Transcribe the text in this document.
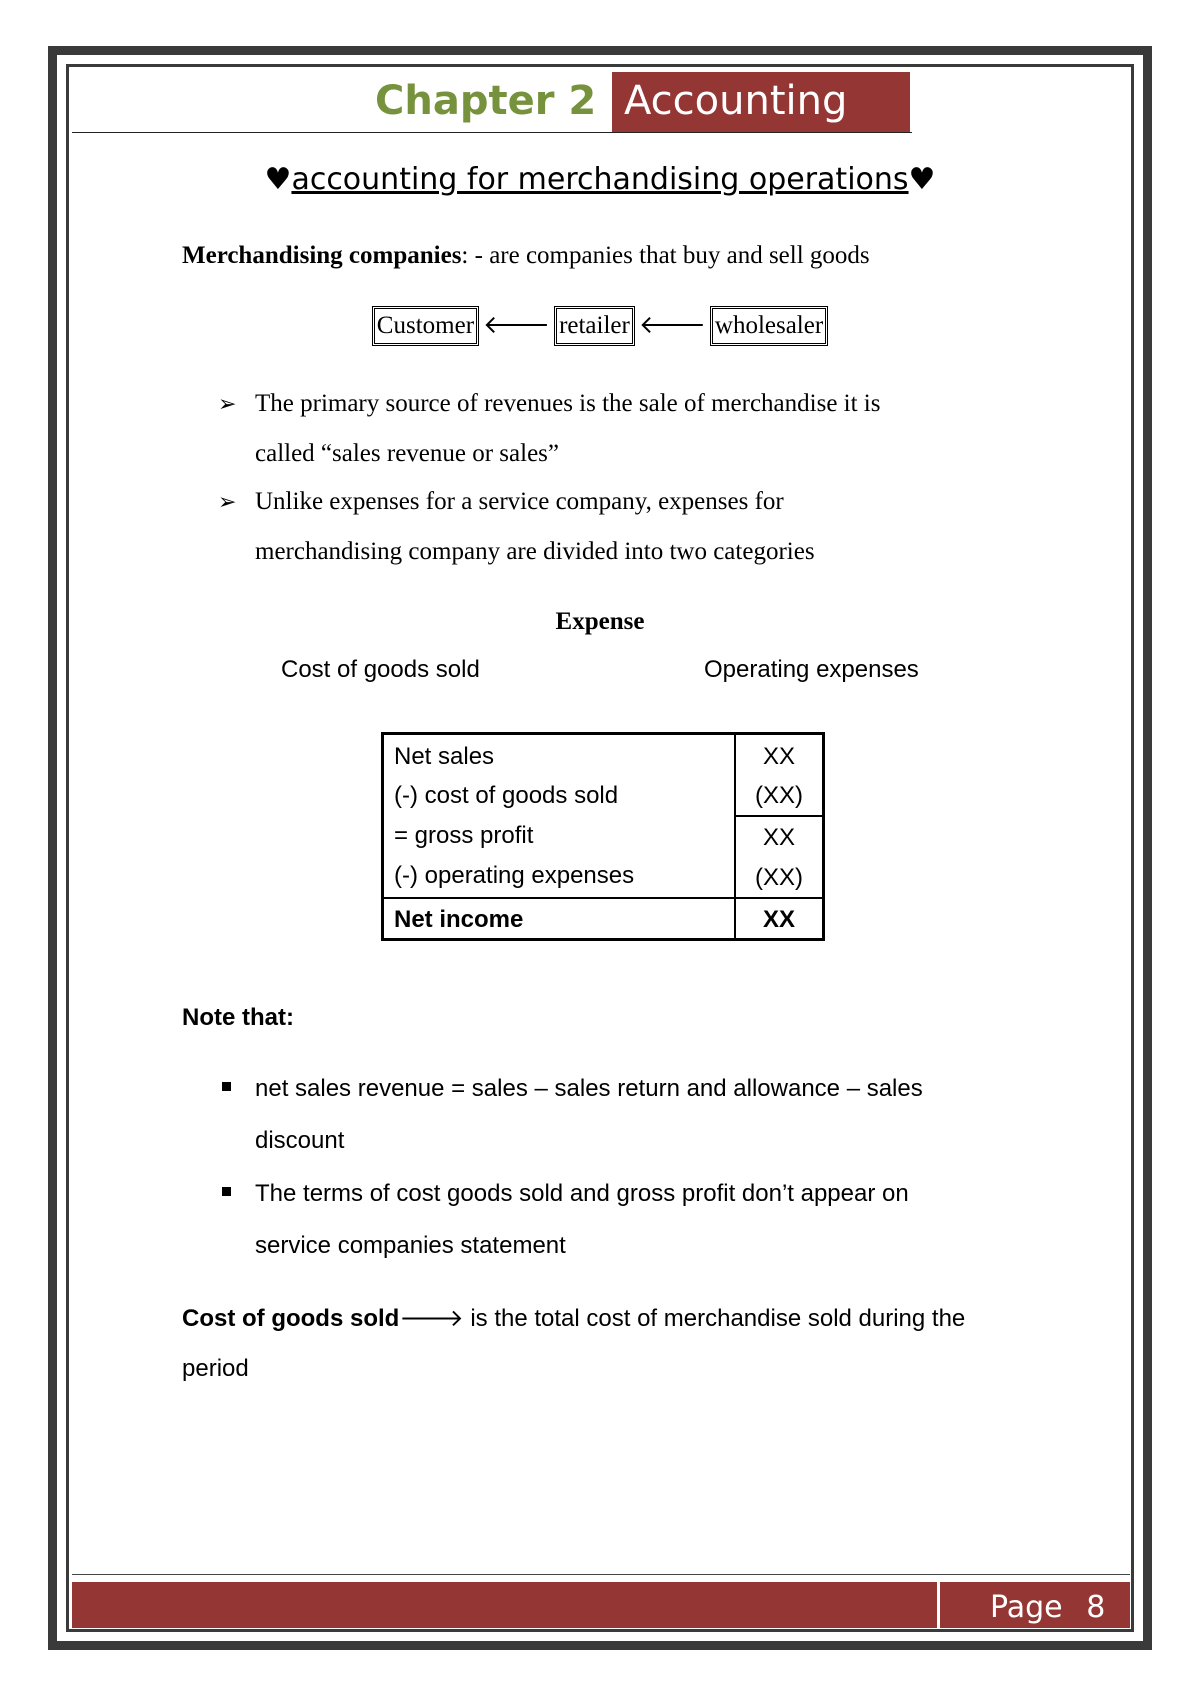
Chapter 2 Accounting
♥accounting for merchandising operations♥
Merchandising companies: - are companies that buy and sell goods
Customer 🡐 retailer 🡐 wholesaler
➢ The primary source of revenues is the sale of merchandise it is
called “sales revenue or sales”
➢ Unlike expenses for a service company, expenses for
merchandising company are divided into two categories
Expense
Cost of goods sold	Operating expenses
Net sales	XX
(-) cost of goods sold	(XX)
= gross profit	XX
(-) operating expenses	(XX)
Net income	XX
Note that:
net sales revenue = sales – sales return and allowance – sales
discount
The terms of cost goods sold and gross profit don’t appear on
service companies statement
Cost of goods sold🡒 is the total cost of merchandise sold during the
period
Page 8
